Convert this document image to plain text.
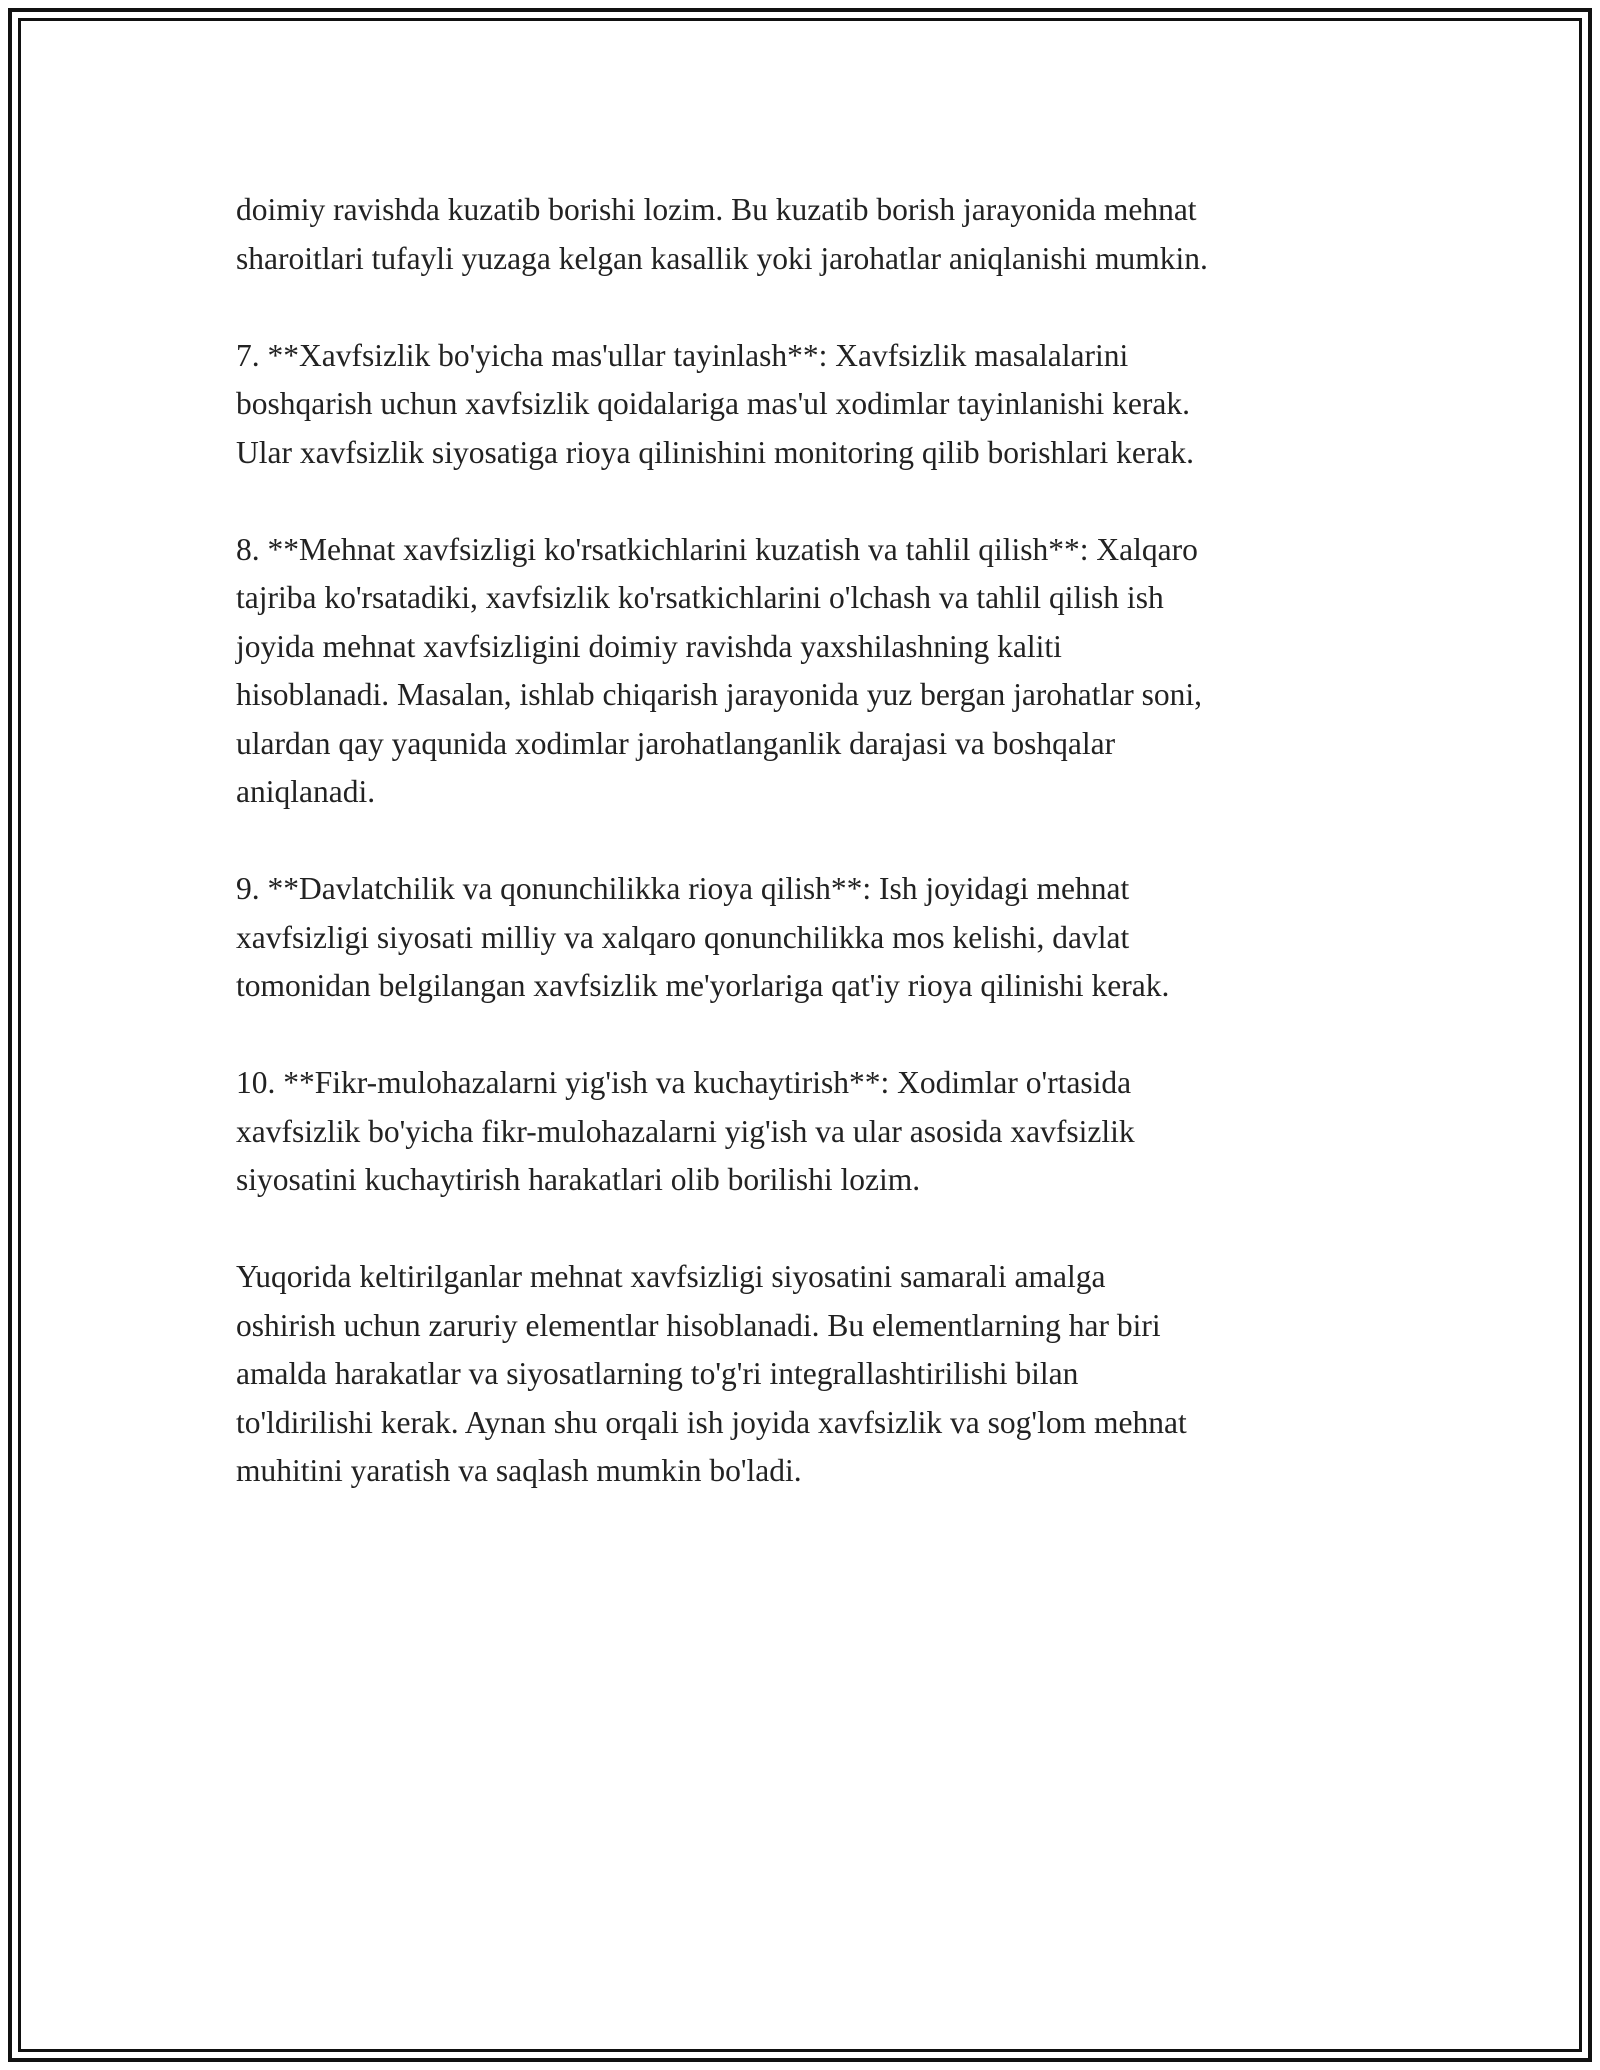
doimiy ravishda kuzatib borishi lozim. Bu kuzatib borish jarayonida mehnat
sharoitlari tufayli yuzaga kelgan kasallik yoki jarohatlar aniqlanishi mumkin.

7. **Xavfsizlik bo'yicha mas'ullar tayinlash**: Xavfsizlik masalalarini
boshqarish uchun xavfsizlik qoidalariga mas'ul xodimlar tayinlanishi kerak.
Ular xavfsizlik siyosatiga rioya qilinishini monitoring qilib borishlari kerak.

8. **Mehnat xavfsizligi ko'rsatkichlarini kuzatish va tahlil qilish**: Xalqaro
tajriba ko'rsatadiki, xavfsizlik ko'rsatkichlarini o'lchash va tahlil qilish ish
joyida mehnat xavfsizligini doimiy ravishda yaxshilashning kaliti
hisoblanadi. Masalan, ishlab chiqarish jarayonida yuz bergan jarohatlar soni,
ulardan qay yaqunida xodimlar jarohatlanganlik darajasi va boshqalar
aniqlanadi.

9. **Davlatchilik va qonunchilikka rioya qilish**: Ish joyidagi mehnat
xavfsizligi siyosati milliy va xalqaro qonunchilikka mos kelishi, davlat
tomonidan belgilangan xavfsizlik me'yorlariga qat'iy rioya qilinishi kerak.

10. **Fikr-mulohazalarni yig'ish va kuchaytirish**: Xodimlar o'rtasida
xavfsizlik bo'yicha fikr-mulohazalarni yig'ish va ular asosida xavfsizlik
siyosatini kuchaytirish harakatlari olib borilishi lozim.

Yuqorida keltirilganlar mehnat xavfsizligi siyosatini samarali amalga
oshirish uchun zaruriy elementlar hisoblanadi. Bu elementlarning har biri
amalda harakatlar va siyosatlarning to'g'ri integrallashtirilishi bilan
to'ldirilishi kerak. Aynan shu orqali ish joyida xavfsizlik va sog'lom mehnat
muhitini yaratish va saqlash mumkin bo'ladi.
